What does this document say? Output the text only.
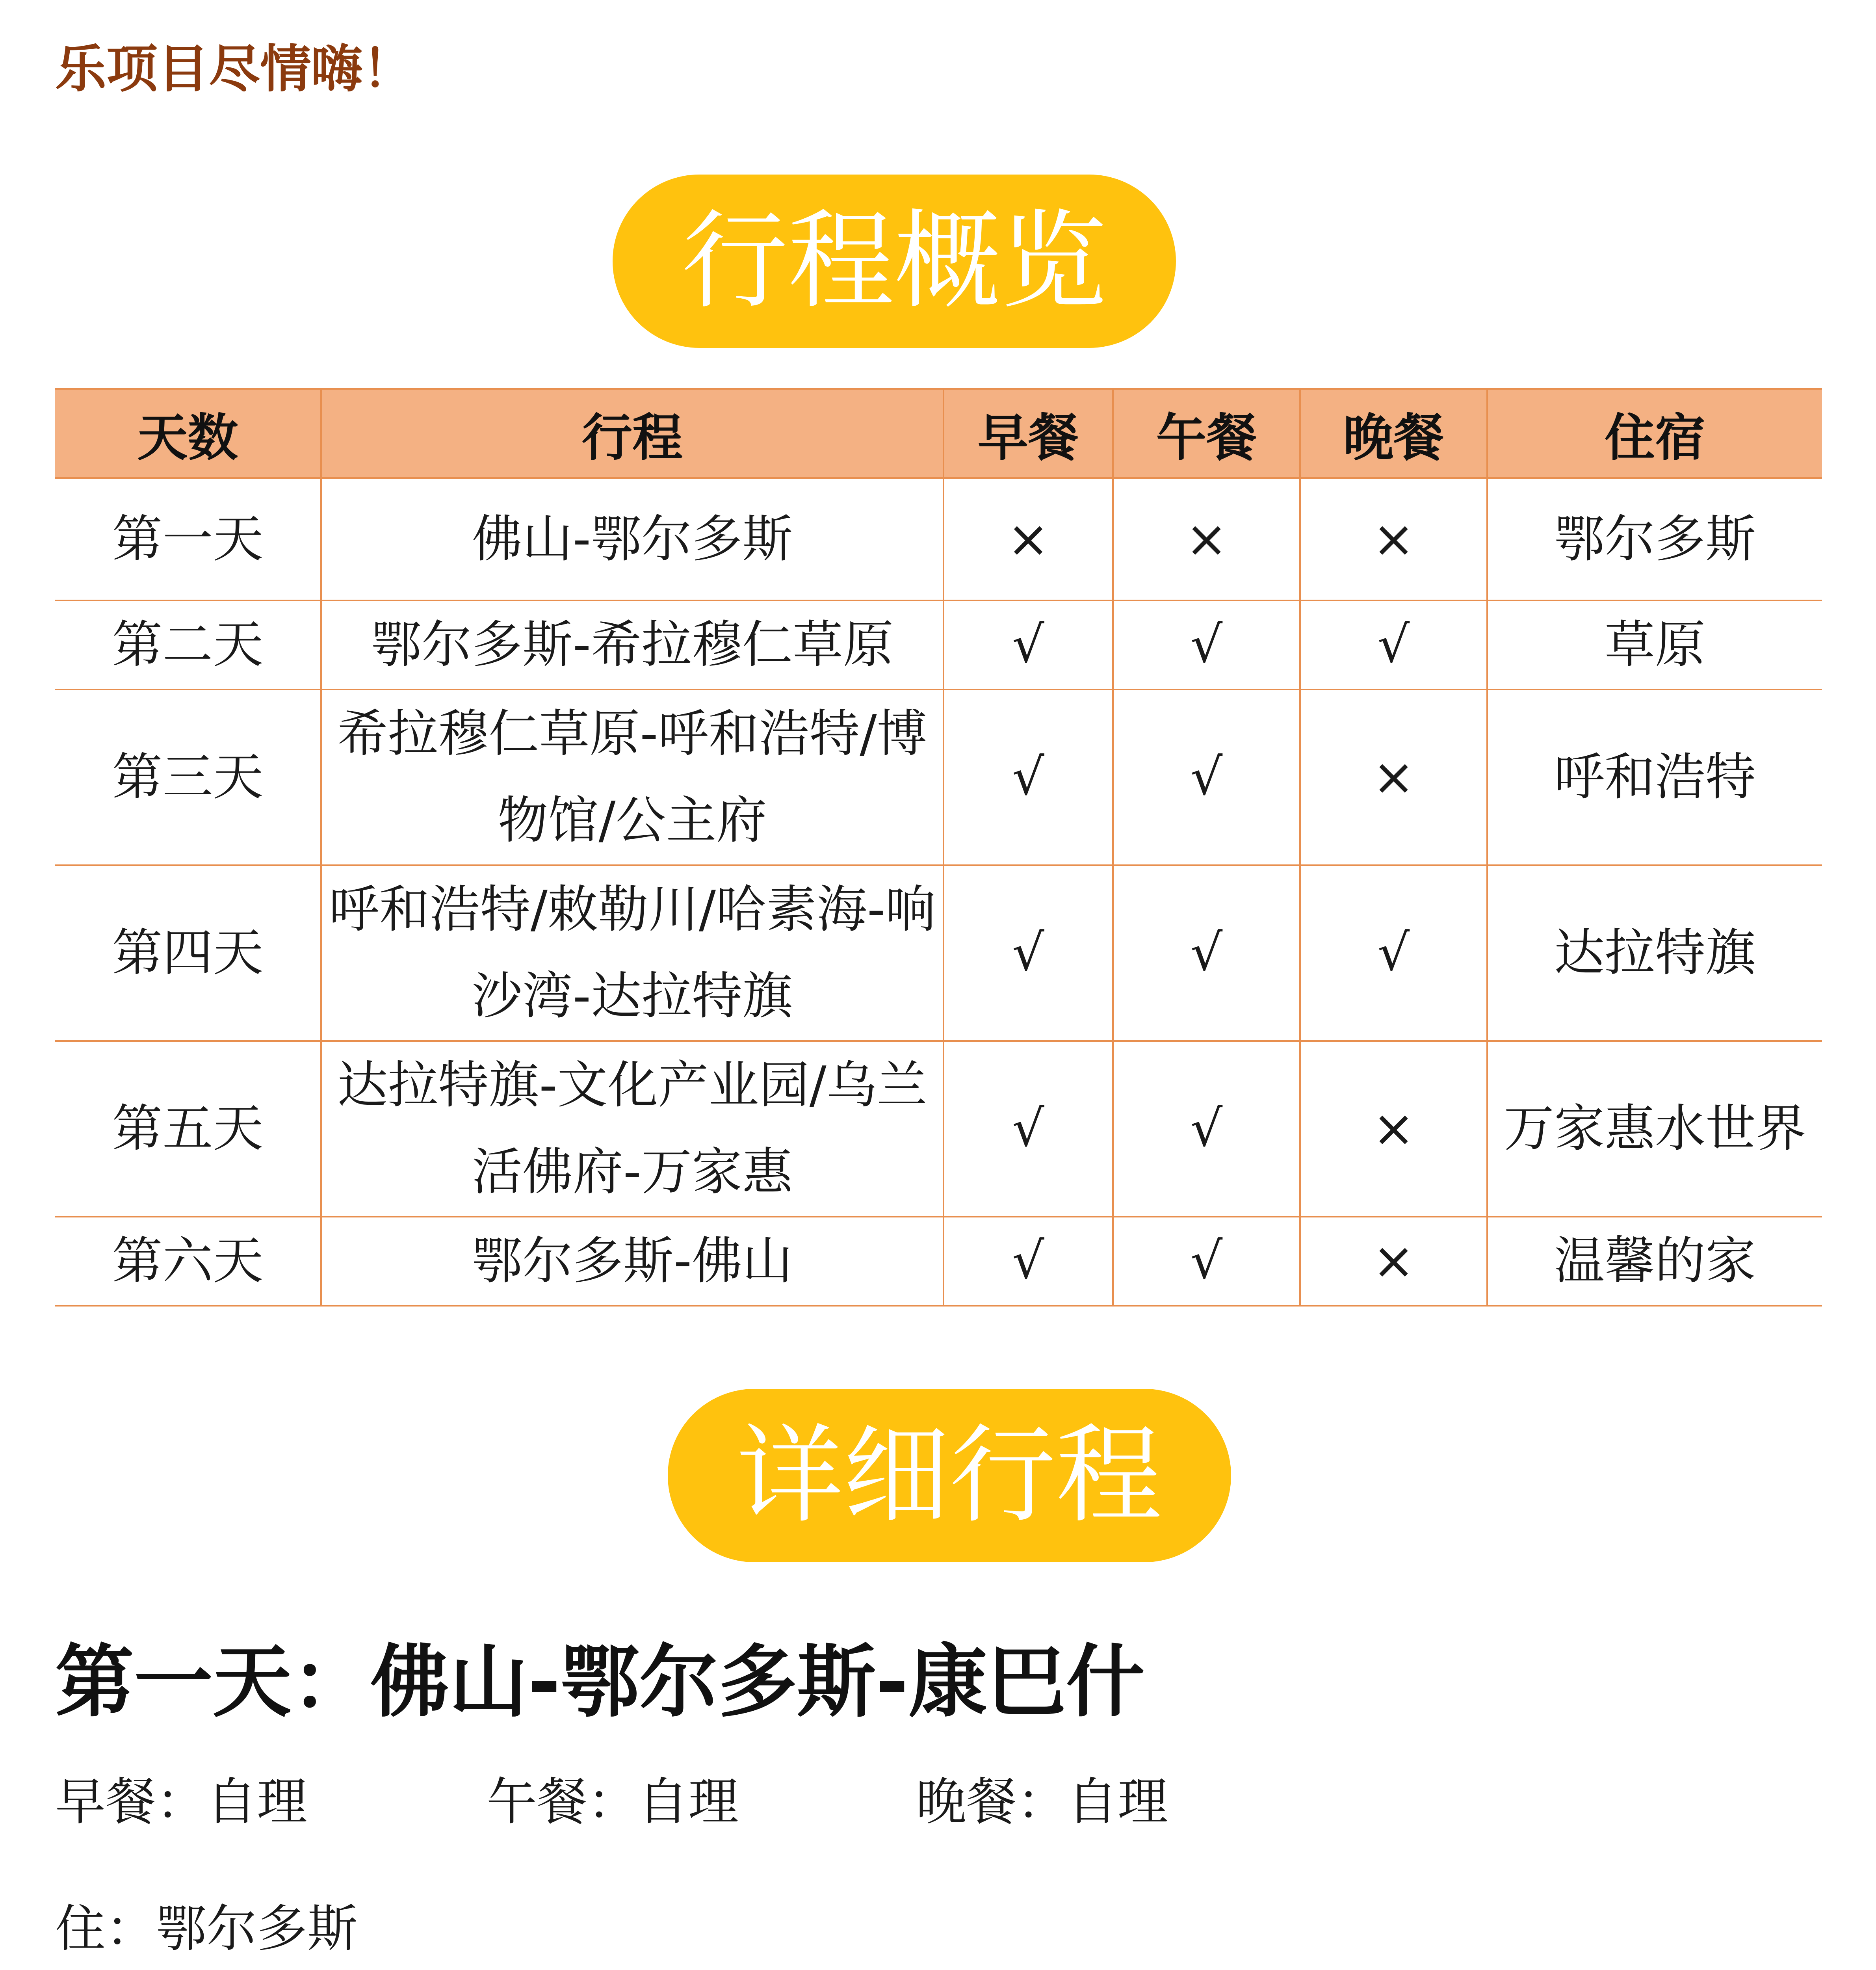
乐项目尽情嗨！
行程概览
天数	行程	早餐	午餐	晚餐	住宿
第一天	佛山-鄂尔多斯	×	×	×	鄂尔多斯
第二天	鄂尔多斯-希拉穆仁草原	√	√	√	草原
第三天	希拉穆仁草原-呼和浩特/博物馆/公主府	√	√	×	呼和浩特
第四天	呼和浩特/敕勒川/哈素海-响沙湾-达拉特旗	√	√	√	达拉特旗
第五天	达拉特旗-文化产业园/乌兰活佛府-万家惠	√	√	×	万家惠水世界
第六天	鄂尔多斯-佛山	√	√	×	温馨的家
详细行程
第一天：佛山-鄂尔多斯-康巴什
早餐：自理	午餐：自理	晚餐：自理
住：鄂尔多斯
